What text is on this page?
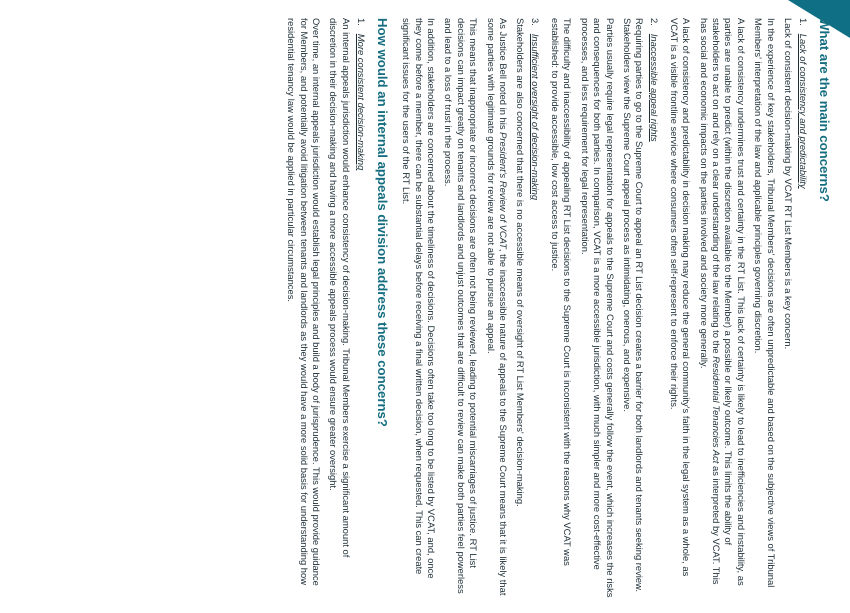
What are the main concerns?
1.Lack of consistency and predictability

Lack of consistent decision-making by VCAT RT List Members is a key concern.

In the experience of key stakeholders, Tribunal Members' decisions are often unpredictable and based on the subjective views of Tribunal Members' interpretation of the law and applicable principles governing discretion.

A lack of consistency undermines trust and certainty in the RT List. This lack of certainty is likely to lead to inefficiencies and instability, as parties are unable to predict (within the discretion available to the Member) a possible or likely outcome. This limits the ability of stakeholders to act on and rely on a clear understanding of the law relating to the Residential Tenancies Act as interpreted by VCAT. This has social and economic impacts on the parties involved and society more generally.

A lack of consistency and predictability in decision making may reduce the general community's faith in the legal system as a whole, as VCAT is a visible frontline service where consumers often self-represent to enforce their rights.

2.Inaccessible appeal rights

Requiring parties to go to the Supreme Court to appeal an RT List decision creates a barrier for both landlords and tenants seeking review. Stakeholders view the Supreme Court appeal process as intimidating, onerous, and expensive.

Parties usually require legal representation for appeals to the Supreme Court and costs generally follow the event, which increases the risks and consequences for both parties. In comparison, VCAT is a more accessible jurisdiction, with much simpler and more cost-effective processes, and less requirement for legal representation.

The difficulty and inaccessibility of appealing RT List decisions to the Supreme Court is inconsistent with the reasons why VCAT was established: to provide accessible, low cost access to justice.

3.Insufficient oversight of decision-making

Stakeholders are also concerned that there is no accessible means of oversight of RT List Members' decision-making.

As Justice Bell noted in his President's Review of VCAT, the inaccessible nature of appeals to the Supreme Court means that it is likely that some parties with legitimate grounds for review are not able to pursue an appeal.

This means that inappropriate or incorrect decisions are often not being reviewed, leading to potential miscarriages of justice. RT List decisions can impact greatly on tenants and landlords and unjust outcomes that are difficult to review can make both parties feel powerless and lead to a loss of trust in the process.

In addition, stakeholders are concerned about the timeliness of decisions. Decisions often take too long to be listed by VCAT, and, once they come before a member, there can be substantial delays before receiving a final written decision, when requested. This can create significant issues for the users of the RT List.

How would an internal appeals division address these concerns?
1.More consistent decision-making

An internal appeals jurisdiction would enhance consistency of decision-making. Tribunal Members exercise a significant amount of discretion in their decision-making and having a more accessible appeals process would ensure greater oversight.

Over time, an internal appeals jurisdiction would establish legal principles and build a body of jurisprudence. This would provide guidance for Members, and potentially avoid litigation between tenants and landlords as they would have a more solid basis for understanding how residential tenancy law would be applied in particular circumstances.
